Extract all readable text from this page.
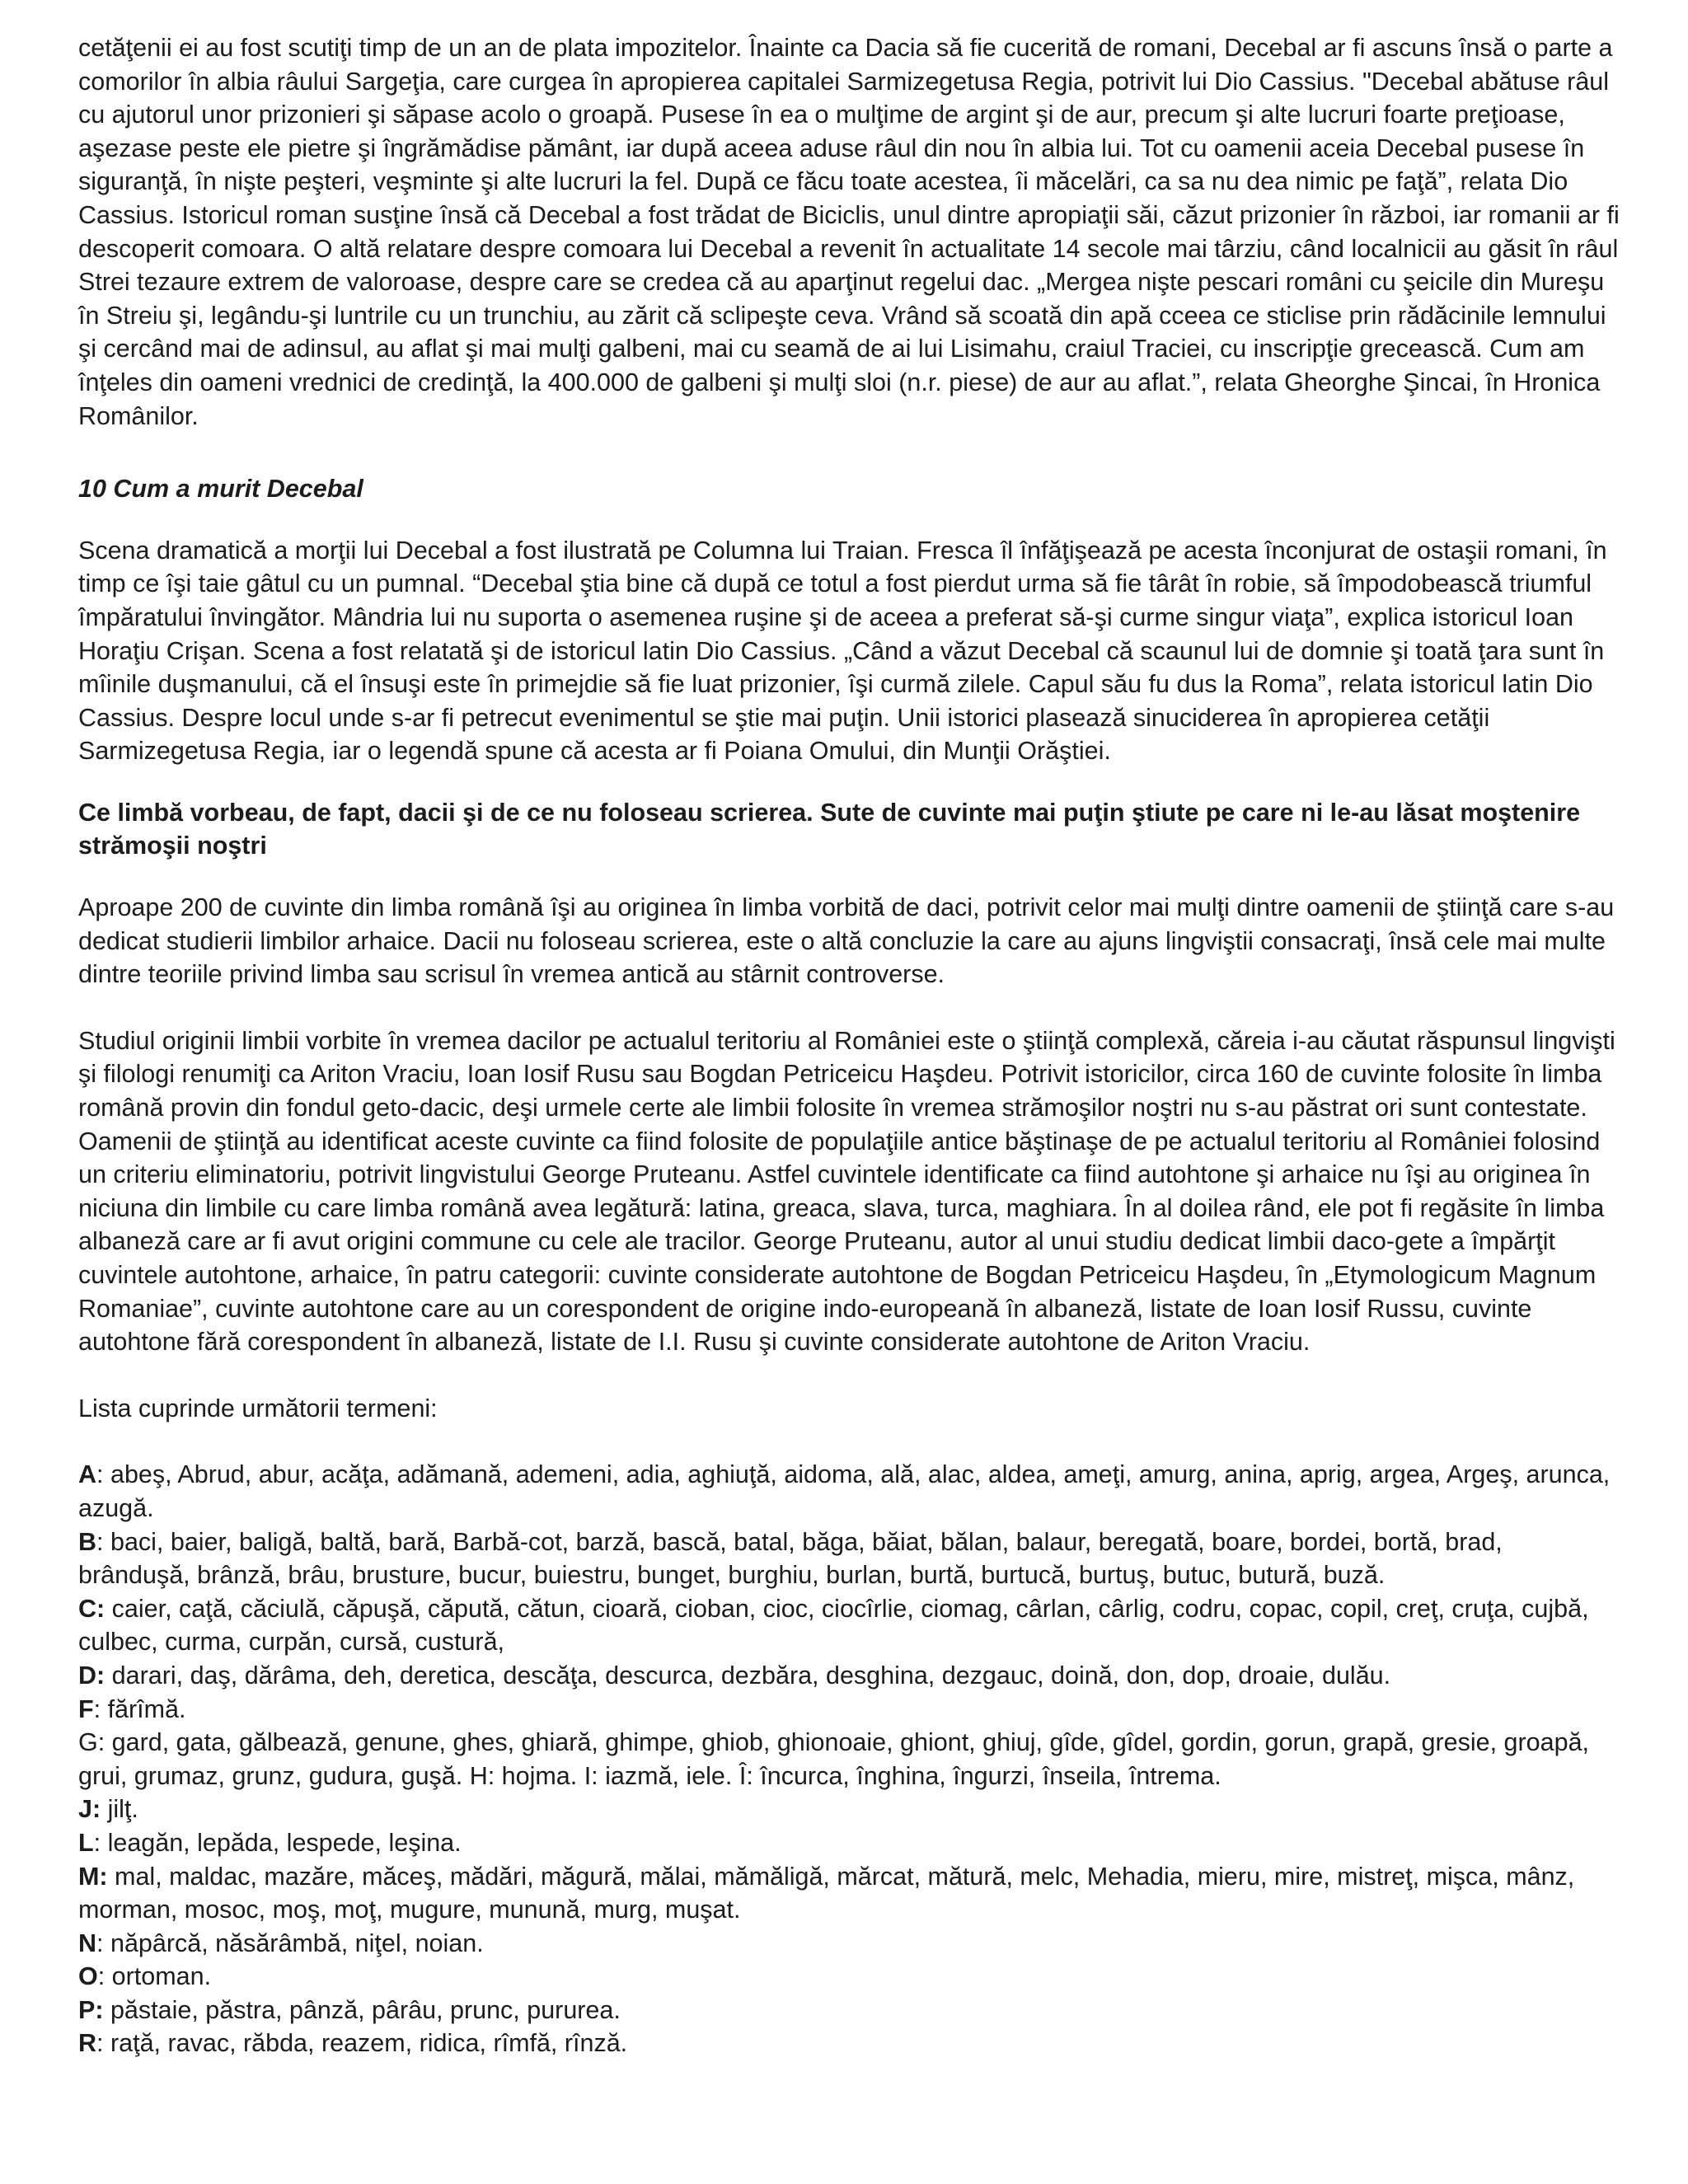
cetăţenii ei au fost scutiţi timp de un an de plata impozitelor. Înainte ca Dacia să fie cucerită de romani, Decebal ar fi ascuns însă o parte a comorilor în albia râului Sargeţia, care curgea în apropierea capitalei Sarmizegetusa Regia, potrivit lui Dio Cassius. "Decebal abătuse râul cu ajutorul unor prizonieri şi săpase acolo o groapă. Pusese în ea o mulţime de argint şi de aur, precum şi alte lucruri foarte preţioase, aşezase peste ele pietre şi îngrămădise pământ, iar după aceea aduse râul din nou în albia lui. Tot cu oamenii aceia Decebal pusese în siguranţă, în nişte peşteri, veşminte şi alte lucruri la fel. După ce făcu toate acestea, îi măcelări, ca sa nu dea nimic pe faţă”, relata Dio Cassius. Istoricul roman susţine însă că Decebal a fost trădat de Biciclis, unul dintre apropiaţii săi, căzut prizonier în război, iar romanii ar fi descoperit comoara. O altă relatare despre comoara lui Decebal a revenit în actualitate 14 secole mai târziu, când localnicii au găsit în râul Strei tezaure extrem de valoroase, despre care se credea că au aparţinut regelui dac. „Mergea nişte pescari români cu şeicile din Mureşu în Streiu şi, legându-şi luntrile cu un trunchiu, au zărit că sclipeşte ceva. Vrând să scoată din apă cceea ce sticlise prin rădăcinile lemnului şi cercând mai de adinsul, au aflat şi mai mulţi galbeni, mai cu seamă de ai lui Lisimahu, craiul Traciei, cu inscripţie grecească. Cum am înţeles din oameni vrednici de credinţă, la 400.000 de galbeni şi mulţi sloi (n.r. piese) de aur au aflat.”, relata Gheorghe Şincai, în Hronica Românilor.

10 Cum a murit Decebal

Scena dramatică a morţii lui Decebal a fost ilustrată pe Columna lui Traian. Fresca îl înfăţişează pe acesta înconjurat de ostaşii romani, în timp ce îşi taie gâtul cu un pumnal. “Decebal ştia bine că după ce totul a fost pierdut urma să fie târât în robie, să împodobească triumful împăratului învingător. Mândria lui nu suporta o asemenea ruşine şi de aceea a preferat să-şi curme singur viaţa”, explica istoricul Ioan Horaţiu Crişan. Scena a fost relatată şi de istoricul latin Dio Cassius. „Când a văzut Decebal că scaunul lui de domnie şi toată ţara sunt în mîinile duşmanului, că el însuşi este în primejdie să fie luat prizonier, îşi curmă zilele. Capul său fu dus la Roma”, relata istoricul latin Dio Cassius. Despre locul unde s-ar fi petrecut evenimentul se ştie mai puţin. Unii istorici plasează sinuciderea în apropierea cetăţii Sarmizegetusa Regia, iar o legendă spune că acesta ar fi Poiana Omului, din Munţii Orăştiei.

Ce limbă vorbeau, de fapt, dacii şi de ce nu foloseau scrierea. Sute de cuvinte mai puţin ştiute pe care ni le-au lăsat moştenire strămoşii noştri

Aproape 200 de cuvinte din limba română îşi au originea în limba vorbită de daci, potrivit celor mai mulţi dintre oamenii de ştiinţă care s-au dedicat studierii limbilor arhaice. Dacii nu foloseau scrierea, este o altă concluzie la care au ajuns lingviştii consacraţi, însă cele mai multe dintre teoriile privind limba sau scrisul în vremea antică au stârnit controverse.

Studiul originii limbii vorbite în vremea dacilor pe actualul teritoriu al României este o ştiinţă complexă, căreia i-au căutat răspunsul lingvişti şi filologi renumiţi ca Ariton Vraciu, Ioan Iosif Rusu sau Bogdan Petriceicu Haşdeu. Potrivit istoricilor, circa 160 de cuvinte folosite în limba română provin din fondul geto-dacic, deşi urmele certe ale limbii folosite în vremea strămoşilor noştri nu s-au păstrat ori sunt contestate. Oamenii de ştiinţă au identificat aceste cuvinte ca fiind folosite de populaţiile antice băştinaşe de pe actualul teritoriu al României folosind un criteriu eliminatoriu, potrivit lingvistului George Pruteanu. Astfel cuvintele identificate ca fiind autohtone şi arhaice nu îşi au originea în niciuna din limbile cu care limba română avea legătură: latina, greaca, slava, turca, maghiara. În al doilea rând, ele pot fi regăsite în limba albaneză care ar fi avut origini commune cu cele ale tracilor. George Pruteanu, autor al unui studiu dedicat limbii daco-gete a împărţit cuvintele autohtone, arhaice, în patru categorii: cuvinte considerate autohtone de Bogdan Petriceicu Haşdeu, în „Etymologicum Magnum Romaniae”, cuvinte autohtone care au un corespondent de origine indo-europeană în albaneză, listate de Ioan Iosif Russu, cuvinte autohtone fără corespondent în albaneză, listate de I.I. Rusu şi cuvinte considerate autohtone de Ariton Vraciu.

Lista cuprinde următorii termeni:

A: abeş, Abrud, abur, acăţa, adămană, ademeni, adia, aghiuţă, aidoma, ală, alac, aldea, ameţi, amurg, anina, aprig, argea, Argeş, arunca, azugă.

B: baci, baier, baligă, baltă, bară, Barbă-cot, barză, bască, batal, băga, băiat, bălan, balaur, beregată, boare, bordei, bortă, brad, brânduşă, brânză, brâu, brusture, bucur, buiestru, bunget, burghiu, burlan, burtă, burtucă, burtuş, butuc, butură, buză.

C: caier, caţă, căciulă, căpuşă, căpută, cătun, cioară, cioban, cioc, ciocîrlie, ciomag, cârlan, cârlig, codru, copac, copil, creţ, cruţa, cujbă, culbec, curma, curpăn, cursă, custură,

D: darari, daş, dărâma, deh, deretica, descăţa, descurca, dezbăra, desghina, dezgauc, doină, don, dop, droaie, dulău.

F: fărîmă.

G: gard, gata, gălbează, genune, ghes, ghiară, ghimpe, ghiob, ghionoaie, ghiont, ghiuj, gîde, gîdel, gordin, gorun, grapă, gresie, groapă, grui, grumaz, grunz, gudura, guşă. H: hojma. I: iazmă, iele. Î: încurca, înghina, îngurzi, înseila, întrema.

J: jilţ.

L: leagăn, lepăda, lespede, leşina.

M: mal, maldac, mazăre, măceş, mădări, măgură, mălai, mămăligă, mărcat, mătură, melc, Mehadia, mieru, mire, mistreţ, mişca, mânz, morman, mosoc, moş, moţ, mugure, munună, murg, muşat.

N: năpârcă, năsărâmbă, niţel, noian.

O: ortoman.

P: păstaie, păstra, pânză, pârâu, prunc, pururea.

R: raţă, ravac, răbda, reazem, ridica, rîmfă, rînză.
